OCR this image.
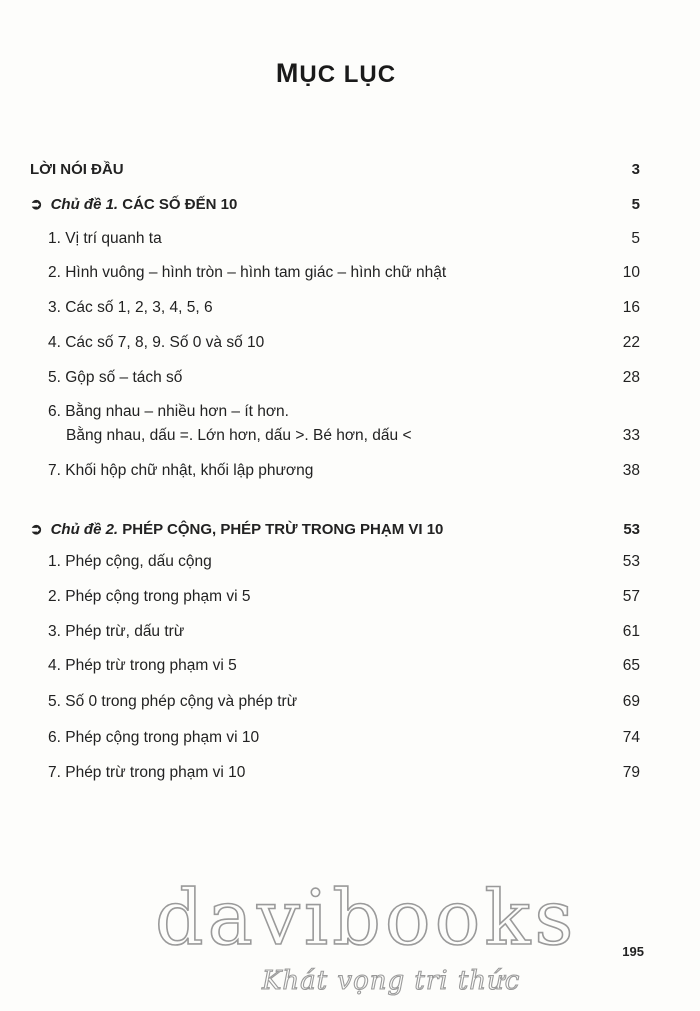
MỤC LỤC
LỜI NÓI ĐẦU	3
➲ Chủ đề 1. CÁC SỐ ĐẾN 10	5
1. Vị trí quanh ta	5
2. Hình vuông – hình tròn – hình tam giác – hình chữ nhật	10
3. Các số 1, 2, 3, 4, 5, 6	16
4. Các số 7, 8, 9. Số 0 và số 10	22
5. Gộp số – tách số	28
6. Bằng nhau – nhiều hơn – ít hơn.
Bằng nhau, dấu =. Lớn hơn, dấu >. Bé hơn, dấu <	33
7. Khối hộp chữ nhật, khối lập phương	38
➲ Chủ đề 2. PHÉP CỘNG, PHÉP TRỪ TRONG PHẠM VI 10	53
1. Phép cộng, dấu cộng	53
2. Phép cộng trong phạm vi 5	57
3. Phép trừ, dấu trừ	61
4. Phép trừ trong phạm vi 5	65
5. Số 0 trong phép cộng và phép trừ	69
6. Phép cộng trong phạm vi 10	74
7. Phép trừ trong phạm vi 10	79
davibooks	195
Khát vọng tri thức
